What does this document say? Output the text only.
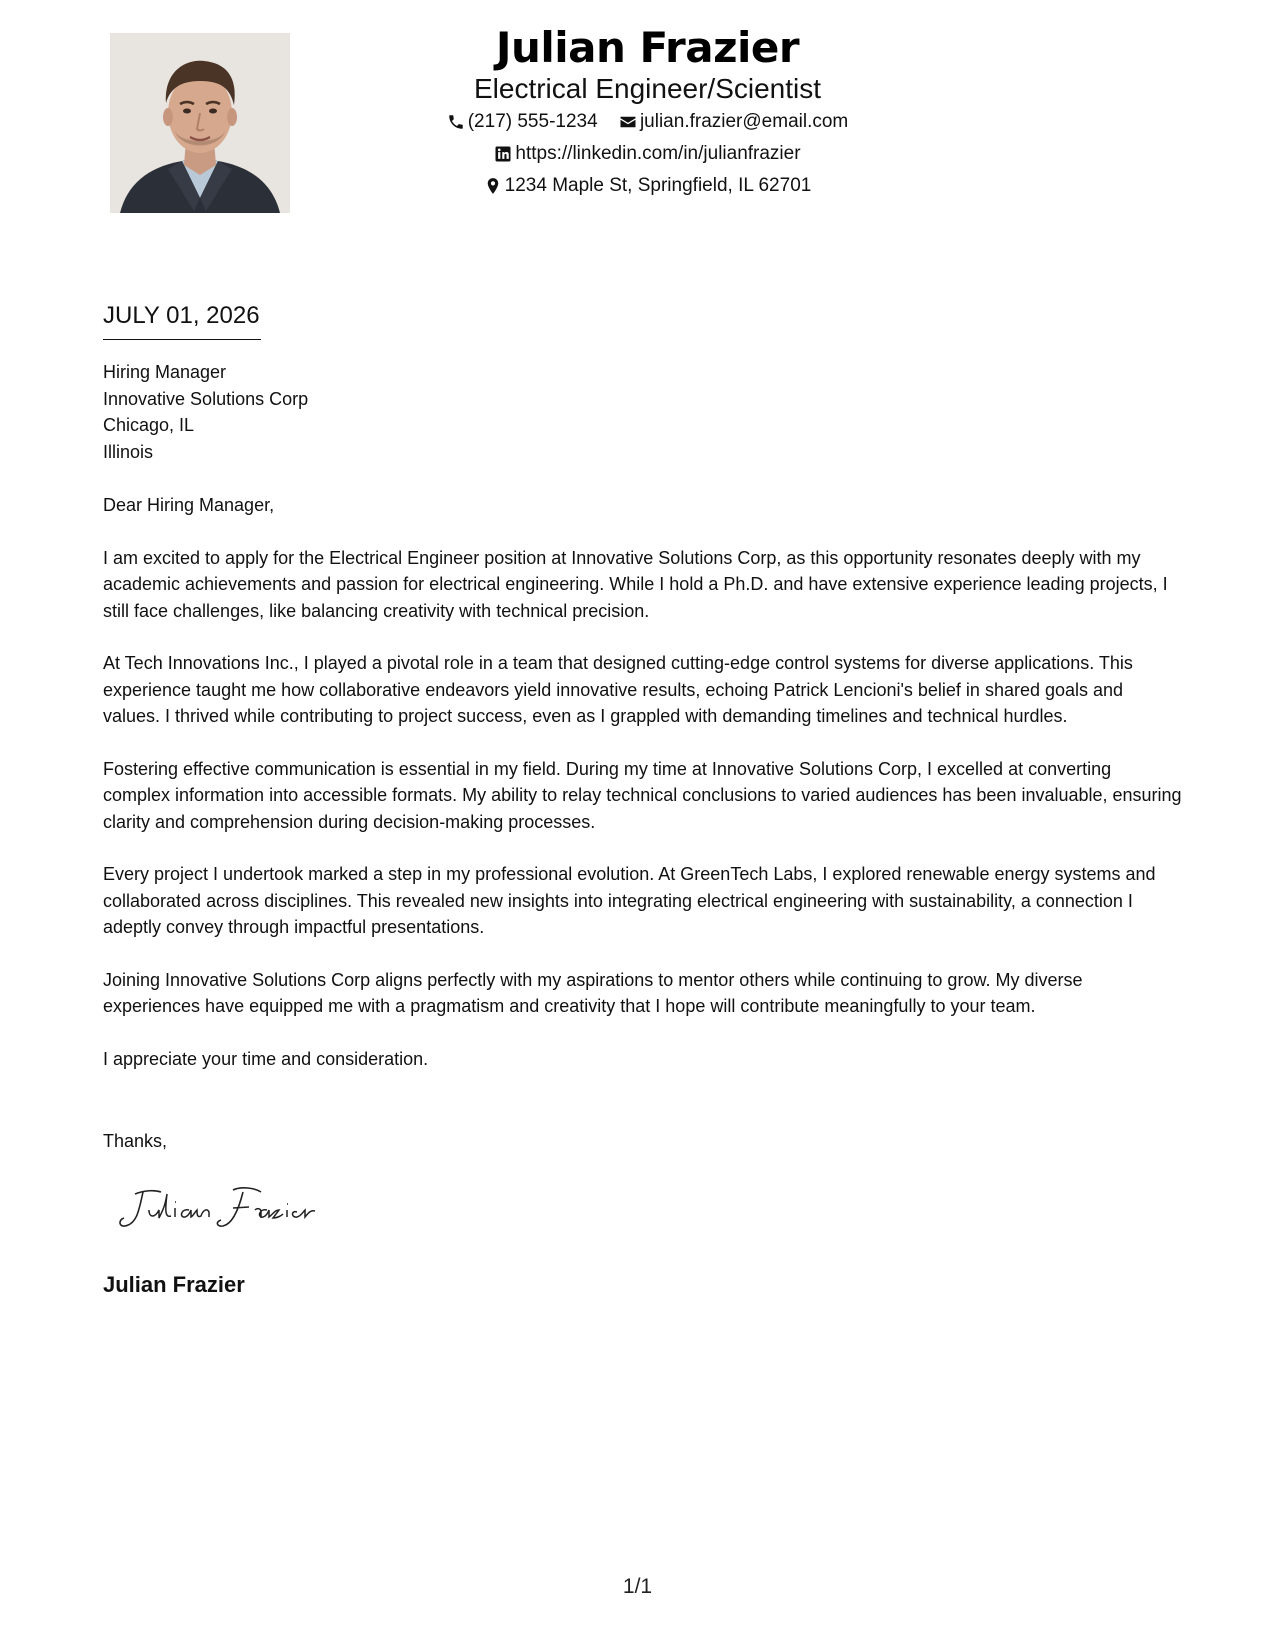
Julian Frazier
Electrical Engineer/Scientist
(217) 555-1234
julian.frazier@email.com
https://linkedin.com/in/julianfrazier
1234 Maple St, Springfield, IL 62701
JULY 01, 2026
Hiring Manager
Innovative Solutions Corp
Chicago, IL
Illinois

Dear Hiring Manager,

I am excited to apply for the Electrical Engineer position at Innovative Solutions Corp, as this opportunity resonates deeply with my academic achievements and passion for electrical engineering. While I hold a Ph.D. and have extensive experience leading projects, I still face challenges, like balancing creativity with technical precision.

At Tech Innovations Inc., I played a pivotal role in a team that designed cutting-edge control systems for diverse applications. This experience taught me how collaborative endeavors yield innovative results, echoing Patrick Lencioni's belief in shared goals and values. I thrived while contributing to project success, even as I grappled with demanding timelines and technical hurdles.

Fostering effective communication is essential in my field. During my time at Innovative Solutions Corp, I excelled at converting complex information into accessible formats. My ability to relay technical conclusions to varied audiences has been invaluable, ensuring clarity and comprehension during decision-making processes.

Every project I undertook marked a step in my professional evolution. At GreenTech Labs, I explored renewable energy systems and collaborated across disciplines. This revealed new insights into integrating electrical engineering with sustainability, a connection I adeptly convey through impactful presentations.

Joining Innovative Solutions Corp aligns perfectly with my aspirations to mentor others while continuing to grow. My diverse experiences have equipped me with a pragmatism and creativity that I hope will contribute meaningfully to your team.

I appreciate your time and consideration.

Thanks,
Julian Frazier
1/1
